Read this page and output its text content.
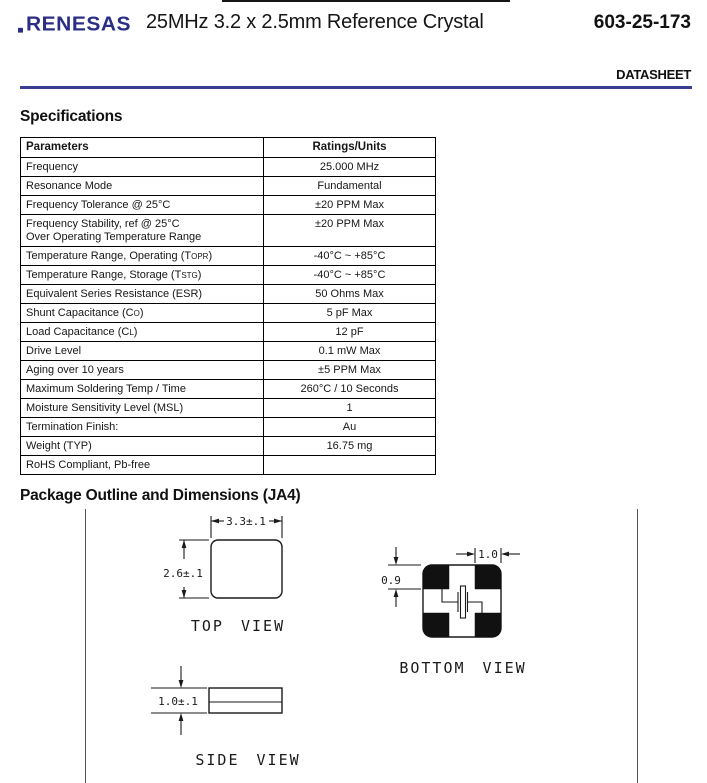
RENESAS 25MHz 3.2 x 2.5mm Reference Crystal	603-25-173
DATASHEET
Specifications
Parameters	Ratings/Units
Frequency	25.000 MHz
Resonance Mode	Fundamental
Frequency Tolerance @ 25°C	±20 PPM Max
Frequency Stability, ref @ 25°C
Over Operating Temperature Range	±20 PPM Max
Temperature Range, Operating (TOPR)	-40°C ~ +85°C
Temperature Range, Storage (TSTG)	-40°C ~ +85°C
Equivalent Series Resistance (ESR)	50 Ohms Max
Shunt Capacitance (CO)	5 pF Max
Load Capacitance (CL)	12 pF
Drive Level	0.1 mW Max
Aging over 10 years	±5 PPM Max
Maximum Soldering Temp / Time	260°C / 10 Seconds
Moisture Sensitivity Level (MSL)	1
Termination Finish:	Au
Weight (TYP)	16.75 mg
RoHS Compliant, Pb-free	
Package Outline and Dimensions (JA4)
3.3±.1
2.6±.1
TOP VIEW
1.0
0.9
BOTTOM VIEW
1.0±.1
SIDE VIEW
